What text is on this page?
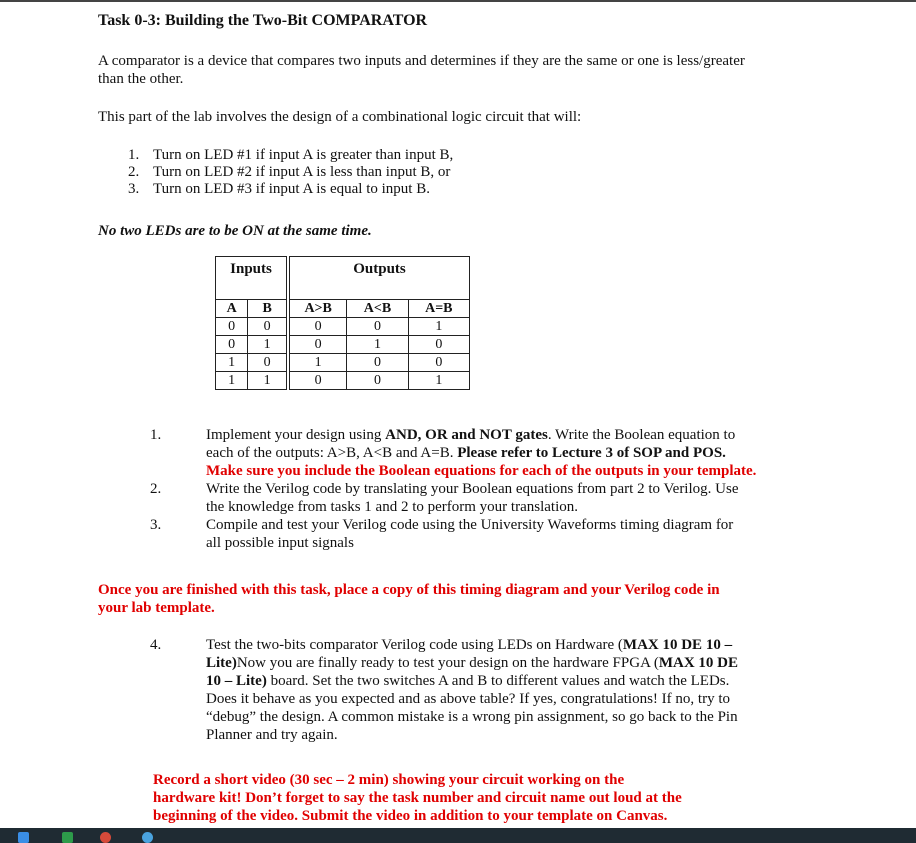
Task 0-3: Building the Two-Bit COMPARATOR
A comparator is a device that compares two inputs and determines if they are the same or one is less/greater
than the other.
This part of the lab involves the design of a combinational logic circuit that will:
1. Turn on LED #1 if input A is greater than input B,
2. Turn on LED #2 if input A is less than input B, or
3. Turn on LED #3 if input A is equal to input B.
No two LEDs are to be ON at the same time.
Inputs		Outputs		
A	B	A>B	A<B	A=B
0	0	0	0	1
0	1	0	1	0
1	0	1	0	0
1	1	0	0	1
1.	Implement your design using AND, OR and NOT gates. Write the Boolean equation to
each of the outputs: A>B, A<B and A=B. Please refer to Lecture 3 of SOP and POS.
Make sure you include the Boolean equations for each of the outputs in your template.
2.	Write the Verilog code by translating your Boolean equations from part 2 to Verilog. Use
the knowledge from tasks 1 and 2 to perform your translation.
3.	Compile and test your Verilog code using the University Waveforms timing diagram for
all possible input signals
Once you are finished with this task, place a copy of this timing diagram and your Verilog code in
your lab template.
4.	Test the two-bits comparator Verilog code using LEDs on Hardware (MAX 10 DE 10 –
Lite)Now you are finally ready to test your design on the hardware FPGA (MAX 10 DE
10 – Lite) board. Set the two switches A and B to different values and watch the LEDs.
Does it behave as you expected and as above table? If yes, congratulations! If no, try to
“debug” the design. A common mistake is a wrong pin assignment, so go back to the Pin
Planner and try again.
Record a short video (30 sec – 2 min) showing your circuit working on the
hardware kit! Don’t forget to say the task number and circuit name out loud at the
beginning of the video. Submit the video in addition to your template on Canvas.
